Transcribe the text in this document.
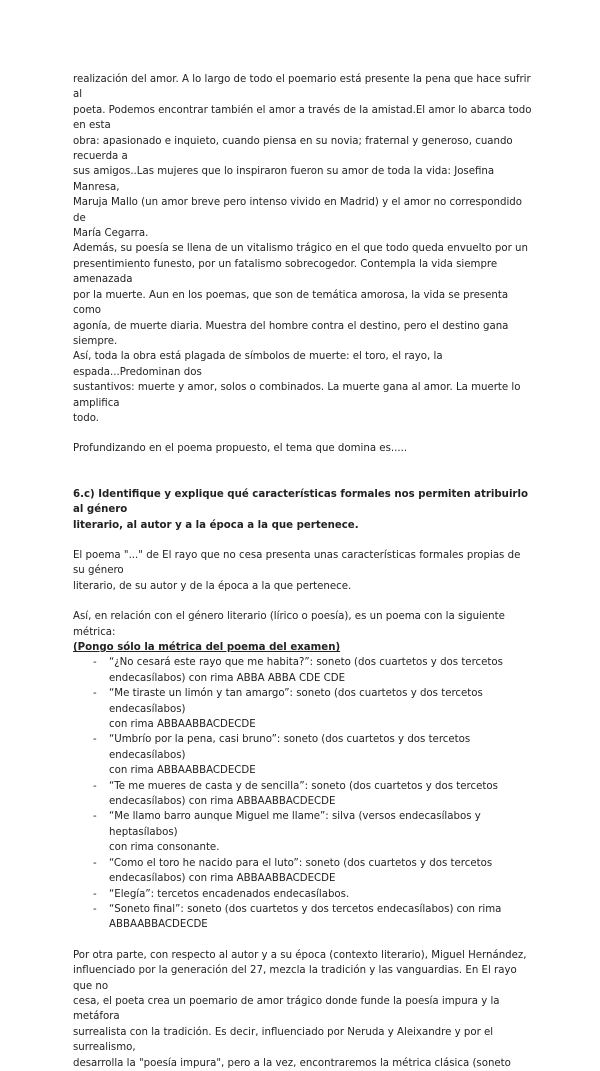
realización del amor. A lo largo de todo el poemario está presente la pena que hace sufrir al
poeta. Podemos encontrar también el amor a través de la amistad.El amor lo abarca todo en esta
obra: apasionado e inquieto, cuando piensa en su novia; fraternal y generoso, cuando recuerda a
sus amigos..Las mujeres que lo inspiraron fueron su amor de toda la vida: Josefina Manresa,
Maruja Mallo (un amor breve pero intenso vivido en Madrid) y el amor no correspondido de
María Cegarra.
Además, su poesía se llena de un vitalismo trágico en el que todo queda envuelto por un
presentimiento funesto, por un fatalismo sobrecogedor. Contempla la vida siempre amenazada
por la muerte. Aun en los poemas, que son de temática amorosa, la vida se presenta como
agonía, de muerte diaria. Muestra del hombre contra el destino, pero el destino gana siempre.
Así, toda la obra está plagada de símbolos de muerte: el toro, el rayo, la espada...Predominan dos
sustantivos: muerte y amor, solos o combinados. La muerte gana al amor. La muerte lo amplifica
todo.

Profundizando en el poema propuesto, el tema que domina es.....

6.c) Identifique y explique qué características formales nos permiten atribuirlo al género
literario, al autor y a la época a la que pertenece.

El poema "..." de El rayo que no cesa presenta unas características formales propias de su género
literario, de su autor y de la época a la que pertenece.

Así, en relación con el género literario (lírico o poesía), es un poema con la siguiente métrica:

(Pongo sólo la métrica del poema del examen)

- “¿No cesará este rayo que me habita?”: soneto (dos cuartetos y dos tercetos
endecasílabos) con rima ABBA ABBA CDE CDE
- “Me tiraste un limón y tan amargo”: soneto (dos cuartetos y dos tercetos endecasílabos)
con rima ABBAABBACDECDE
- “Umbrío por la pena, casi bruno”: soneto (dos cuartetos y dos tercetos endecasílabos)
con rima ABBAABBACDECDE
- “Te me mueres de casta y de sencilla”: soneto (dos cuartetos y dos tercetos
endecasílabos) con rima ABBAABBACDECDE
- “Me llamo barro aunque Miguel me llame”: silva (versos endecasílabos y heptasílabos)
con rima consonante.
- “Como el toro he nacido para el luto”: soneto (dos cuartetos y dos tercetos
endecasílabos) con rima ABBAABBACDECDE
- “Elegía”: tercetos encadenados endecasílabos.
- “Soneto final”: soneto (dos cuartetos y dos tercetos endecasílabos) con rima
ABBAABBACDECDE

Por otra parte, con respecto al autor y a su época (contexto literario), Miguel Hernández,
influenciado por la generación del 27, mezcla la tradición y las vanguardias. En El rayo que no
cesa, el poeta crea un poemario de amor trágico donde funde la poesía impura y la metáfora
surrealista con la tradición. Es decir, influenciado por Neruda y Aleixandre y por el surrealismo,
desarrolla la "poesía impura", pero a la vez, encontraremos la métrica clásica (soneto
